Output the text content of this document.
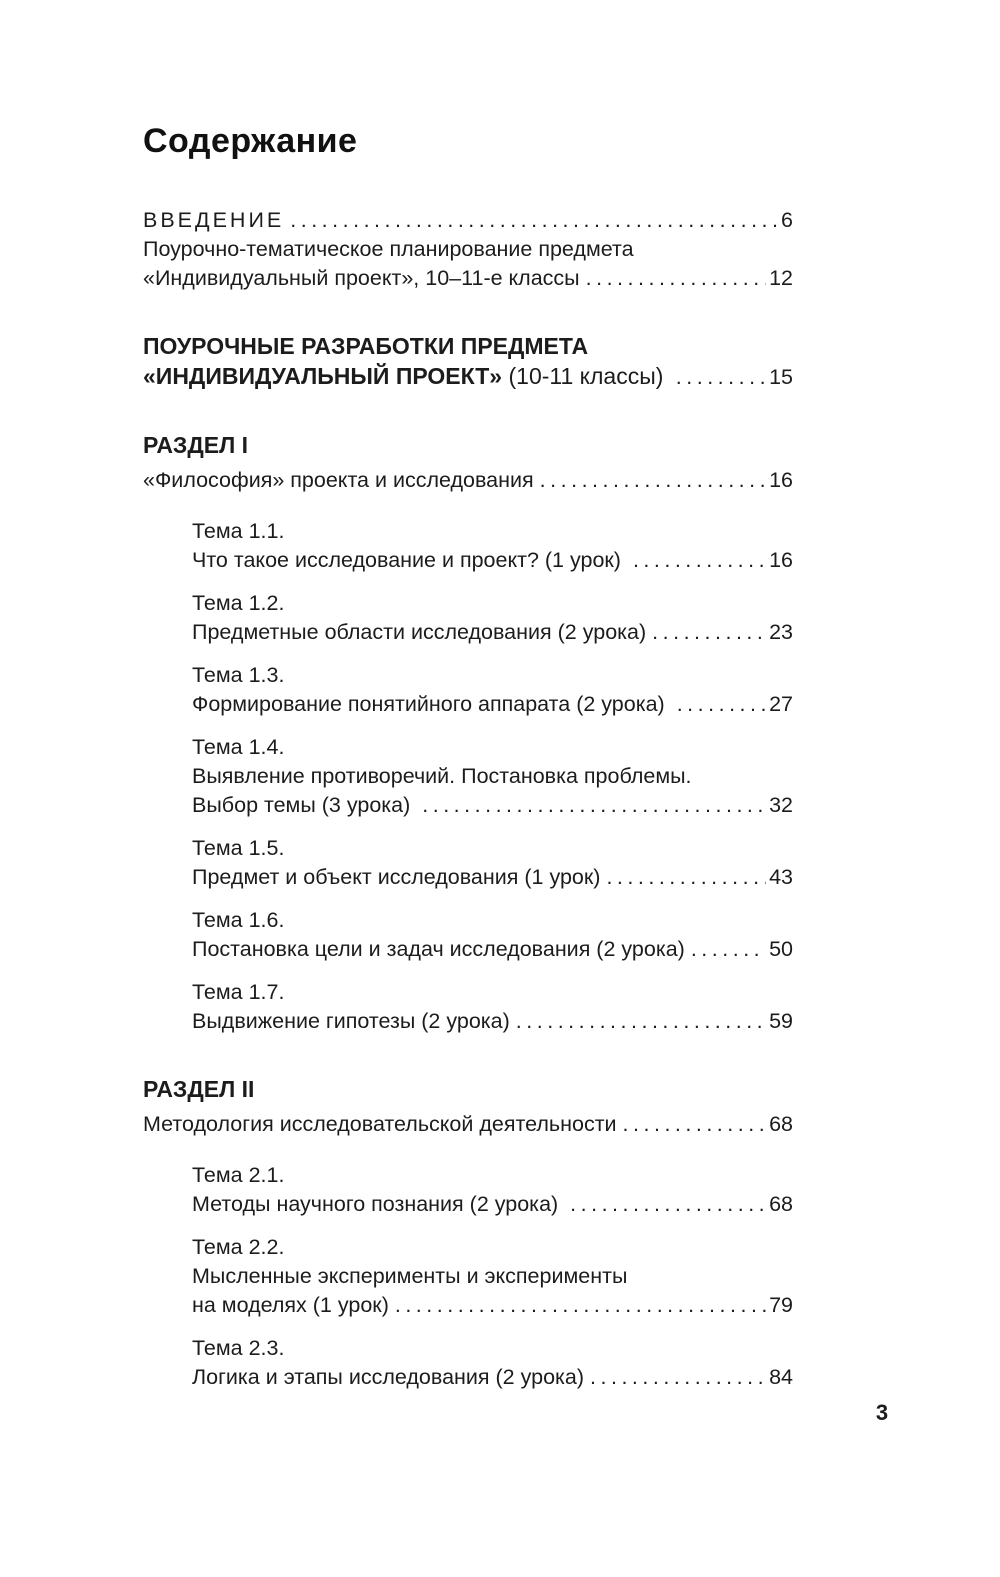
Содержание
ВВЕДЕНИЕ .....	6
Поурочно-тематическое планирование предмета
«Индивидуальный проект», 10–11-е классы .....	12
ПОУРОЧНЫЕ РАЗРАБОТКИ ПРЕДМЕТА
«ИНДИВИДУАЛЬНЫЙ ПРОЕКТ» (10-11 классы) .....	15
РАЗДЕЛ I
«Философия» проекта и исследования .....	16
Тема 1.1.
Что такое исследование и проект? (1 урок) .....	16
Тема 1.2.
Предметные области исследования (2 урока) .....	23
Тема 1.3.
Формирование понятийного аппарата (2 урока) .....	27
Тема 1.4.
Выявление противоречий. Постановка проблемы.
Выбор темы (3 урока) .....	32
Тема 1.5.
Предмет и объект исследования (1 урок) .....	43
Тема 1.6.
Постановка цели и задач исследования (2 урока) .....	50
Тема 1.7.
Выдвижение гипотезы (2 урока) .....	59
РАЗДЕЛ II
Методология исследовательской деятельности .....	68
Тема 2.1.
Методы научного познания (2 урока) .....	68
Тема 2.2.
Мысленные эксперименты и эксперименты
на моделях (1 урок) .....	79
Тема 2.3.
Логика и этапы исследования (2 урока) .....	84
3
